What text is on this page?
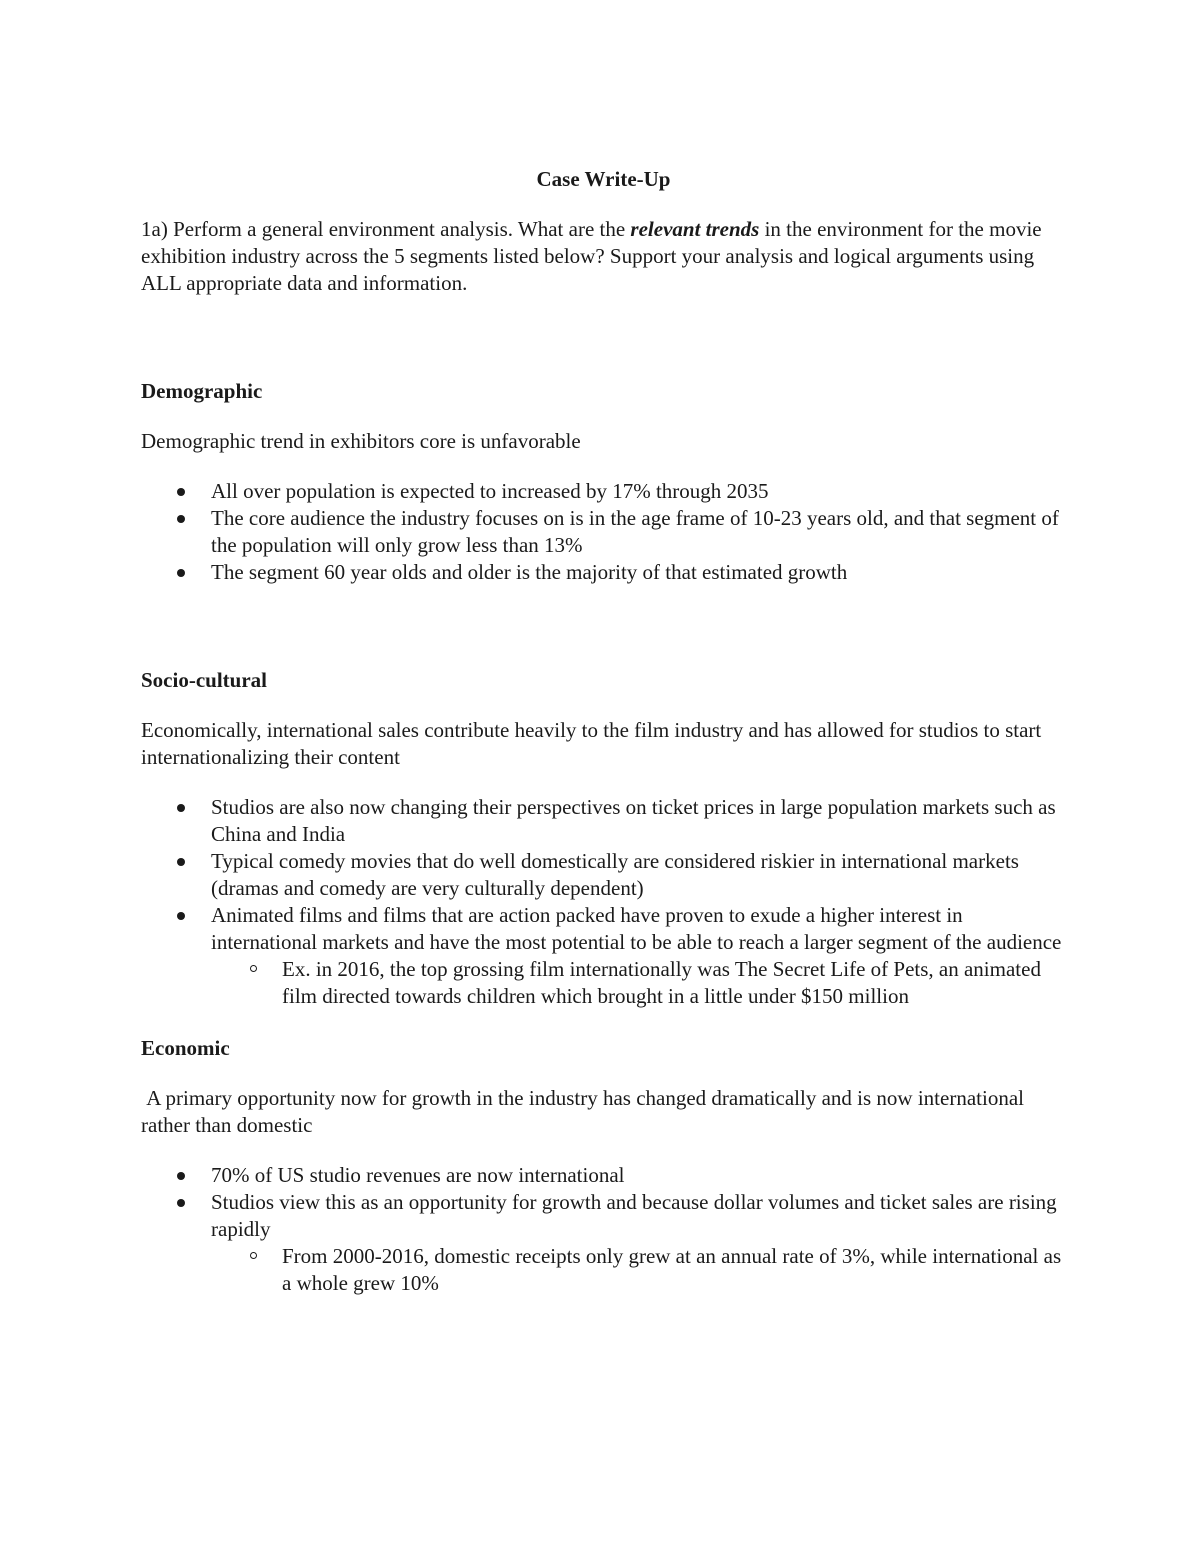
Case Write-Up

1a) Perform a general environment analysis. What are the relevant trends in the environment for the movie exhibition industry across the 5 segments listed below? Support your analysis and logical arguments using ALL appropriate data and information.

Demographic

Demographic trend in exhibitors core is unfavorable

All over population is expected to increased by 17% through 2035
The core audience the industry focuses on is in the age frame of 10-23 years old, and that segment of the population will only grow less than 13%
The segment 60 year olds and older is the majority of that estimated growth
Socio-cultural

Economically, international sales contribute heavily to the film industry and has allowed for studios to start internationalizing their content

Studios are also now changing their perspectives on ticket prices in large population markets such as China and India
Typical comedy movies that do well domestically are considered riskier in international markets (dramas and comedy are very culturally dependent)
Animated films and films that are action packed have proven to exude a higher interest in international markets and have the most potential to be able to reach a larger segment of the audience
Ex. in 2016, the top grossing film internationally was The Secret Life of Pets, an animated film directed towards children which brought in a little under $150 million
Economic

A primary opportunity now for growth in the industry has changed dramatically and is now international rather than domestic

70% of US studio revenues are now international
Studios view this as an opportunity for growth and because dollar volumes and ticket sales are rising rapidly
From 2000-2016, domestic receipts only grew at an annual rate of 3%, while international as a whole grew 10%
